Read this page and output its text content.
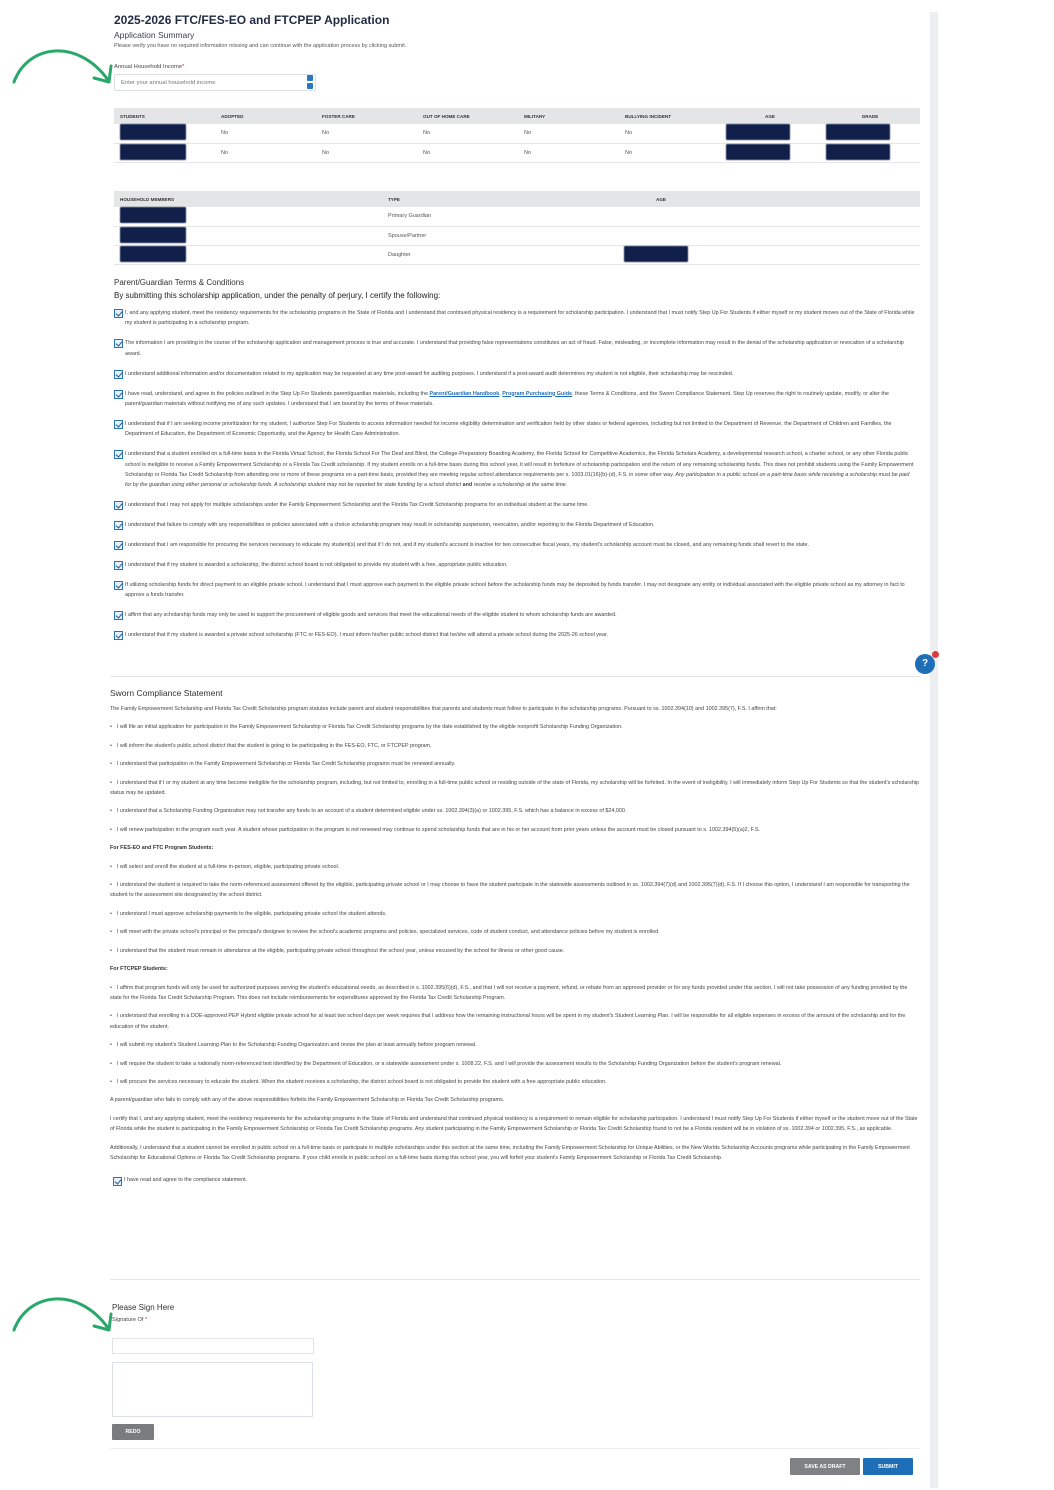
2025-2026 FTC/FES-EO and FTCPEP Application
Application Summary
Please verify you have no required information missing and can continue with the application process by clicking submit.
Annual Household Income*
Enter your annual household income
STUDENTS	ADOPTED	FOSTER CARE	OUT OF HOME CARE	MILITARY	BULLYING INCIDENT	AGE	GRADE
	No	No	No	No	No		
	No	No	No	No	No		
HOUSEHOLD MEMBERS	TYPE	AGE
	Primary Guardian	
	Spouse/Partner	
	Daughter	
Parent/Guardian Terms & Conditions
By submitting this scholarship application, under the penalty of perjury, I certify the following:
I, and any applying student, meet the residency requirements for the scholarship programs in the State of Florida and I understand that continued physical residency is a requirement for scholarship participation. I understand that I must notify Step Up For Students if either myself or my student moves out of the State of Florida while my student is participating in a scholarship program.
The information I am providing in the course of the scholarship application and management process is true and accurate. I understand that providing false representations constitutes an act of fraud. False, misleading, or incomplete information may result in the denial of the scholarship application or revocation of a scholarship award.
I understand additional information and/or documentation related to my application may be requested at any time post-award for auditing purposes. I understand if a post-award audit determines my student is not eligible, their scholarship may be rescinded.
I have read, understand, and agree to the policies outlined in the Step Up For Students parent/guardian materials, including the Parent/Guardian Handbook, Program Purchasing Guide, these Terms & Conditions, and the Sworn Compliance Statement. Step Up reserves the right to routinely update, modify, or alter the parent/guardian materials without notifying me of any such updates. I understand that I am bound by the terms of these materials.
I understand that if I am seeking income prioritization for my student, I authorize Step For Students to access information needed for income eligibility determination and verification held by other states or federal agencies, including but not limited to the Department of Revenue, the Department of Children and Families, the Department of Education, the Department of Economic Opportunity, and the Agency for Health Care Administration.
I understand that a student enrolled on a full-time basis in the Florida Virtual School, the Florida School For The Deaf and Blind, the College-Preparatory Boarding Academy, the Florida School for Competitive Academics, the Florida Scholars Academy, a developmental research school, a charter school, or any other Florida public school is ineligible to receive a Family Empowerment Scholarship or a Florida Tax Credit scholarship. If my student enrolls on a full-time basis during this school year, it will result in forfeiture of scholarship participation and the return of any remaining scholarship funds. This does not prohibit students using the Family Empowerment Scholarship or Florida Tax Credit Scholarship from attending one or more of these programs on a part-time basis, provided they are meeting regular school attendance requirements per s. 1003.01(16)(b)-(d), F.S. in some other way. Any participation in a public school on a part-time basis while receiving a scholarship must be paid for by the guardian using either personal or scholarship funds. A scholarship student may not be reported for state funding by a school district and receive a scholarship at the same time.
I understand that I may not apply for multiple scholarships under the Family Empowerment Scholarship and the Florida Tax Credit Scholarship programs for an individual student at the same time.
I understand that failure to comply with any responsibilities or policies associated with a choice scholarship program may result in scholarship suspension, revocation, and/or reporting to the Florida Department of Education.
I understand that I am responsible for procuring the services necessary to educate my student(s) and that if I do not, and if my student's account is inactive for two consecutive fiscal years, my student's scholarship account must be closed, and any remaining funds shall revert to the state.
I understand that if my student is awarded a scholarship, the district school board is not obligated to provide my student with a free, appropriate public education.
If utilizing scholarship funds for direct payment to an eligible private school, I understand that I must approve each payment to the eligible private school before the scholarship funds may be deposited by funds transfer. I may not designate any entity or individual associated with the eligible private school as my attorney in fact to approve a funds transfer.
I affirm that any scholarship funds may only be used to support the procurement of eligible goods and services that meet the educational needs of the eligible student to whom scholarship funds are awarded.
I understand that if my student is awarded a private school scholarship (FTC or FES-EO), I must inform his/her public school district that he/she will attend a private school during the 2025-26 school year.
?
Sworn Compliance Statement

The Family Empowerment Scholarship and Florida Tax Credit Scholarship program statutes include parent and student responsibilities that parents and students must follow to participate in the scholarship programs. Pursuant to ss. 1002.394(10) and 1002.395(7), F.S. I affirm that:

• I will file an initial application for participation in the Family Empowerment Scholarship or Florida Tax Credit Scholarship programs by the date established by the eligible nonprofit Scholarship Funding Organization.
• I will inform the student's public school district that the student is going to be participating in the FES-EO, FTC, or FTCPEP program.
• I understand that participation in the Family Empowerment Scholarship or Florida Tax Credit Scholarship programs must be renewed annually.
• I understand that if I or my student at any time become ineligible for the scholarship program, including, but not limited to, enrolling in a full-time public school or residing outside of the state of Florida, my scholarship will be forfeited. In the event of ineligibility, I will immediately inform Step Up For Students so that the student's scholarship status may be updated.
• I understand that a Scholarship Funding Organization may not transfer any funds to an account of a student determined eligible under ss. 1002.394(3)(a) or 1002.395, F.S. which has a balance in excess of $24,000.
• I will renew participation in the program each year. A student whose participation in the program is not renewed may continue to spend scholarship funds that are in his or her account from prior years unless the account must be closed pursuant to s. 1002.394(5)(a)2, F.S.
For FES-EO and FTC Program Students:
• I will select and enroll the student at a full-time in-person, eligible, participating private school.
• I understand the student is required to take the norm-referenced assessment offered by the eligible, participating private school or I may choose to have the student participate in the statewide assessments outlined in ss. 1002.394(7)(d) and 1002.395(7)(d), F.S. If I choose this option, I understand I am responsible for transporting the student to the assessment site designated by the school district.
• I understand I must approve scholarship payments to the eligible, participating private school the student attends.
• I will meet with the private school's principal or the principal's designee to review the school's academic programs and policies, specialized services, code of student conduct, and attendance policies before my student is enrolled.
• I understand that the student must remain in attendance at the eligible, participating private school throughout the school year, unless excused by the school for illness or other good cause.
For FTCPEP Students:
• I affirm that program funds will only be used for authorized purposes serving the student's educational needs, as described in s. 1002.395(6)(d), F.S., and that I will not receive a payment, refund, or rebate from an approved provider or for any funds provided under this section. I will not take possession of any funding provided by the state for the Florida Tax Credit Scholarship Program. This does not include reimbursements for expenditures approved by the Florida Tax Credit Scholarship Program.
• I understand that enrolling in a DOE-approved PEP Hybrid eligible private school for at least two school days per week requires that I address how the remaining instructional hours will be spent in my student's Student Learning Plan. I will be responsible for all eligible expenses in excess of the amount of the scholarship and for the education of the student.
• I will submit my student's Student Learning Plan to the Scholarship Funding Organization and revise the plan at least annually before program renewal.
• I will require the student to take a nationally norm-referenced test identified by the Department of Education, or a statewide assessment under s. 1008.22, F.S. and I will provide the assessment results to the Scholarship Funding Organization before the student's program renewal.
• I will procure the services necessary to educate the student. When the student receives a scholarship, the district school board is not obligated to provide the student with a free appropriate public education.

A parent/guardian who fails to comply with any of the above responsibilities forfeits the Family Empowerment Scholarship or Florida Tax Credit Scholarship programs.

I certify that I, and any applying student, meet the residency requirements for the scholarship programs in the State of Florida and understand that continued physical residency is a requirement to remain eligible for scholarship participation. I understand I must notify Step Up For Students if either myself or the student move out of the State of Florida while the student is participating in the Family Empowerment Scholarship or Florida Tax Credit Scholarship programs. Any student participating in the Family Empowerment Scholarship or Florida Tax Credit Scholarship found to not be a Florida resident will be in violation of ss. 1002.394 or 1002.395, F.S., as applicable.

Additionally, I understand that a student cannot be enrolled in public school on a full-time basis or participate in multiple scholarships under this section at the same time, including the Family Empowerment Scholarship for Unique Abilities, or the New Worlds Scholarship Accounts programs while participating in the Family Empowerment Scholarship for Educational Options or Florida Tax Credit Scholarship programs. If your child enrolls in public school on a full-time basis during this school year, you will forfeit your student's Family Empowerment Scholarship or Florida Tax Credit Scholarship.

I have read and agree to the compliance statement.
Please Sign Here
Signature Of *
REDO
SAVE AS DRAFT	SUBMIT
